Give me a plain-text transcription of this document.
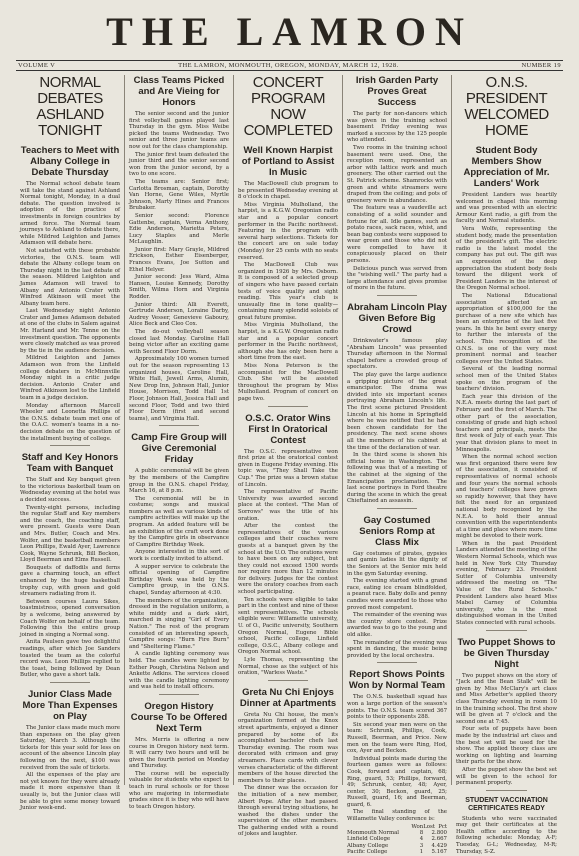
THE LAMRON
VOLUME V	THE LAMRON, MONMOUTH, OREGON, MONDAY, MARCH 12, 1928.	NUMBER 19
NORMAL DEBATES ASHLAND TONIGHT
Teachers to Meet with Albany College in Debate Thursday

The Normal school debate team will take the stand against Ashland Normal tonight, Monday, in a dual debate. The question involved is adoption of the practice of investments in foreign countries by armed force. The Normal team journeys to Ashland to debate there, while Mildred Leighton and James Adamson will debate here.

Not satisfied with these probable victories, the O.N.S. team will debate the Albany college team on Thursday night in the last debate of the season. Mildred Leighton and James Adamson will travel to Albany and Antonio Crater with Winfred Atkinson will meet the Albany team here.

Last Wednesday night Antonio Crater and James Adamson debated at one of the clubs in Salem against Mr. Harland and Mr. Tenne on the investment question. The opponents were closely matched as was proved by the tie in the audience decision.

Mildred Leighton and James Adamson won from the Linfield college debaters in McMinnville Monday night in a critic judge decision. Antonio Crater and Winfred Atkinson lost to the Linfield team in a judge decision.

Monday afternoon Marcell Wheeler and Leonetta Phillips of the O.N.S. debate team met one of the O.A.C. women's teams in a no-decision debate on the question of the installment buying of college.

Staff and Key Honors Team with Banquet

The Staff and Key banquet given to the victorious basketball team on Wednesday evening at the hotel was a decided success.

Twenty-eight persons, including the regular Staff and Key members and the coach, the coaching staff, were present. Guests were Dean and Mrs. Butler, Coach and Mrs. Wolfer, and the basketball members Leon Phillips, Ewald Ayer, Lawrence Cook, Wayne Schrunk, Bill Beckon, Lloyd Beerman and Elms Russell.

Bouquets of daffodils and ferns gave a charming touch, an effect enhanced by the huge basketball trophy cup, with green and gold streamers radiating from it.

Between courses Laura Sikes, toastmistress, opened conversation by a welcome, being answered by Coach Wolfer on behalf of the team. Following this the entire group joined in singing a Normal song.

Anita Paulsen gave two delightful readings, after which Joe Sanders toasted the team as the colorful record was. Leon Phillips replied to the toast, being followed by Dean Butler, who gave a short talk.

Junior Class Made More Than Expenses on Play

The Junior class made much more than expenses on the play given Saturday, March 3. Although the tickets for this year sold for less on account of the absence Lincoln play following on the next, $100 was received from the sale of tickets.

All the expenses of the play are not yet known for they were already made it more expensive than it usually is, but the Junior class will be able to give some money toward Junior week-end.

Class Teams Picked and Are Vieing for Honors

The senior second and the junior first volleyball games played last Thursday in the gym. Miss Weibe picked the teams Wednesday. Two senior and three junior teams are now out for the class championship.

The junior first team defeated the junior third and the senior second won from the junior second, by a two to one score.

The teams are: Senior first; Carlotta Brosman, captain, Dorothy Van Horne, Gene Wiles, Myrtle Johnson, Marty Hines and Frances Brubaker.

Senior second: Florence Gattenbe, captain, Verna Anthony, Edie Anderson, Marietta Peters, Lucy Staples and Merle McLaughlin.

Junior first: Mary Grayle, Mildred Erickson, Esther Eisenberger, Frances Evans, Joe Sutton and Ethel Helyer.

Junior second: Jess Ward, Alma Hansen, Louise Kennedy, Dorothy Smith, Wilma Horn and Virginia Rodder.

Junior third: Alli Everett, Gertrude Anderson, Loraine Darby, Audrey Vesser, Genevieve Gaboury, Alice Beck and Cleo Cox.

The do-out volleyball season closed last Monday. Caroline Hall being victor after an exciting game with Second Floor Dorm.

Approximately 100 women turned out for the season representing 13 organized houses, Caroline Hall, White Hall, Jewell Arms, Alumin, New Drop Inn, Johnson Hall, Junior House, Morrison, Todd Hall 1st Floor, Johnson Hall, Jessica Hall and second Floor, Todd and two third Floor Dorm (first and second teams), and Virginia Hall.

Camp Fire Group will Give Ceremonial Friday

A public ceremonial will be given by the members of the Campfire group in the O.N.S. chapel Friday, March 16, at 8 p.m.

The ceremonial will be in costume; songs and musical numbers as well as various kinds of campfire activities will make up the program. An added feature will be an exhibition of the craft work done by the Campfire girls in observance of Campfire Birthday Week.

Anyone interested in this sort of work is cordially invited to attend.

A supper service to celebrate the official opening of Campfire Birthday Week was held by the Campfire group, in the O.N.S. chapel, Sunday afternoon at 4:30.

The members of the organization, dressed in the regulation uniform, a white middy and a dark skirt, marched in singing "Girl of Every Nation." The rest of the program consisted of an interesting speech, Campfire songs: "Burn Fire Burn" and "Sheltering Flame."

A candle lighting ceremony was held. The candles were lighted by Esther Pough, Christina Nelson and Ankette Adkins. The services closed with the candle lighting ceremony and was held to install officers.

Oregon History Course To be Offered Next Term

Mrs. Merris is offering a new course in Oregon history next term. It will carry two hours and will be given the fourth period on Monday and Thursday.

The course will be especially valuable for students who expect to teach in rural schools or for those who are majoring in intermediate grades since it is they who will have to teach Oregon history.

CONCERT PROGRAM NOW COMPLETED
Well Known Harpist of Portland to Assist In Music

The MacDowell club program to be presented Wednesday evening at 8 o'clock in chapel.

Miss Virginia Mulholland, the harpist, is a K.G.W. Oregonian radio star and a popular concert performer in the Pacific northwest. Featuring in the program with several harp selections. Tickets for the concert are on sale today (Monday) for 25 cents with no seats reserved.

The MacDowell Club was organized in 1926 by Mrs. Osborn. It is composed of a selected group of singers who have passed certain tests of voice quality and sight reading. This year's club is unusually fine in tone quality—containing many splendid soloists of great future promise.

Miss Virginia Mulholland, the harpist, is a K.G.W. Oregonian radio star and a popular concert performer in the Pacific northwest, although she has only been here a short time from the east.

Miss Nona Peterson is the accompanist for the MacDowell Club. She will be assisted throughout the program by Miss Mulholland. Program of concert on page two.

O.S.C. Orator Wins First In Oratorical Contest

The O.S.C. representative won first prize at the oratorical contest given in Eugene Friday evening. His topic was, "They Shall Take the Cup." The prize was a brown statue of Lincoln.

The representative of Pacific University was awarded second place at the contest. "The Man of Sorrows" was the title of his oration.

After the contest the representatives of the various colleges and their coaches were guests at a banquet given by the school at the U.O. The orations were to have been on any subject, but they could not exceed 1500 words nor require more than 12 minutes for delivery. Judges for the contest were the oratory coaches from each school participating.

Ten schools were eligible to take part in the contest and nine of these sent representatives. The schools eligible were: Willamette university, U. of O., Pacific university, Southern Oregon Normal, Eugene Bible school, Pacific college, Linfield college, O.S.C., Albany college and Oregon Normal school.

Lyle Thomas, representing the Normal, chose as the subject of his oration, "Warless Waste."

Greta Nu Chi Enjoys Dinner at Apartments

Greta Nu Chi house, the men's organization formed at the Knox street apartments, enjoyed a dinner prepared by some of its accomplished bachelor chefs last Thursday evening. The room was decorated with crimson and gray streamers. Place cards with clever verses characteristic of the different members of the house directed the members to their places.

The dinner was the occasion for the initiation of a new member, Albert Pope. After he had passed through several trying situations, he washed the dishes under the supervision of the other members. The gathering ended with a round of jokes and laughter.

Irish Garden Party Proves Great Success

The party for non-dancers which was given in the training school basement Friday evening was marked a success by the 125 people who attended.

Two rooms in the training school basement were used. One, the reception room, represented an arbor with lattice work and much greenery. The other carried out the St. Patrick scheme. Shamrocks with green and white streamers were draped from the ceiling; and pots of greenery were in abundance.

The feature was a vaudeville act consisting of a solid sounder and fortune for all. Idle games, such as potato races, sack races, whist, and bean bag contests were supposed to wear green and those who did not were compelled to have it conspicuously placed on their persons.

Delicious punch was served from the "wishing well." The party had a large attendance and gives promise of more in the future.

Abraham Lincoln Play Given Before Big Crowd

Drinkwater's famous play "Abraham Lincoln" was presented Thursday afternoon in the Normal chapel before a crowded group of spectators.

The play gave the large audience a gripping picture of the great emancipator. The drama was divided into six important scenes portraying Abraham Lincoln's life. The first scene pictured President Lincoln at his home in Springfield where he was notified that he had been chosen candidate for the presidency. The next scene shows all the members of his cabinet at the time of the declaration of war.

In the third scene is shown his official home in Washington. The following was that of a meeting of the cabinet at the signing of the Emancipation proclamation. The last scene portrays in Ford theatre during the scene in which the great Chieftained an assassin.

Gay Costumed Seniors Romp at Class Mix

Gay costumes of pirates, gypsies and gamin ladies lit the dignity of the Seniors at the Senior mix held in the gym Saturday evening.

The evening started with a grand race, eating ice cream blindfolded, a peanut race. Baby dolls and penny candies were awarded to those who proved most competent.

The remainder of the evening was the country store contest. Prize awarded was to go to the young and old alike.

The remainder of the evening was spent in dancing, the music being provided by the local orchestra.

Report Shows Points Won by Normal Team

The O.N.S. basketball squad has won a large portion of the season's points. The O.N.S. team scored 367 points to their opponents 288.

Six second year men were on the team: Schrunk, Phillips, Cook, Russell, Beerman, and Price. New men on the team were Ring, Hod, cox, Ayer and Beckon.

Individual points made during the fourteen games were as follows: Cook, forward and captain, 68; Ring, guard, 53; Phillips, forward, 49; Schrunk, center, 48; Ayer, center, 30; Beckon, guard, 25; Russell, guard, 16; and Beerman, guard, 6.

The final standing of the Willamette Valley conference is:

	Won	Lost	Pct
Monmouth Normal	8	2	.800
Linfield College	4	2	.667
Albany College	3	4	.429
Pacific College	1	5	.167
O.N.S. PRESIDENT WELCOMED HOME
Student Body Members Show Appreciation of Mr. Landers' Work

President Landers was heartily welcomed in chapel this morning and was presented with an electric Armour Kent radio, a gift from the faculty and Normal students.

Vera Wolfe, representing the student body, made the presentation of the president's gift. The electric radio is the latest model the company has put out. The gift was an expression of the deep appreciation the student body feels toward the diligent work of President Landers in the interest of the Oregon Normal school.

The National Educational association affected an appropriation of $100,000 for the purchase of a new site which has been an enterprise of the last five years. In this he bent every energy to further the interests of the school. This recognition of the O.N.S. is one of the very most prominent normal and teacher colleges over the United States.

Several of the leading normal school men of the United States spoke on the program of the teachers' division.

Each year this division of the N.E.A. meets during the last part of February and the first of March. The other part of the association, consisting of grade and high school teachers and principals, meets the first week of July of each year. This year that division plans to meet in Minneapolis.

When the normal school section was first organized there were few of the association, it consisted of representatives of normal schools and four years the normal schools and teachers' colleges have grown so rapidly however, that they have felt the need for an organized national body recognized by the N.E.A. to hold their annual convention with the superintendents at a time and place where more time might be devoted to their work.

When in the past President Landers attended the meeting of the Western Normal Schools, which was held in New York City Thursday evening, February 23. President Sutter of Columbia university addressed the meeting on "The Value of the Rural Schools." President Landers also heard Miss Mabel Carney of Columbia university, who is the most distinguished woman in the United States connected with rural schools.

Two Puppet Shows to be Given Thursday Night

Two puppet shows on the story of "Jack and the Bean Stalk" will be given by Miss McClary's art class and Miss Arbetter's applied theory class Thursday evening in room 10 in the training school. The first show will be given at 7 o'clock and the second one at 7:45.

Four sets of puppets have been made by the industrial art class and the best set will be used for the show. The applied theory class are working on lighting and learning their parts for the show.

After the puppet show the best set will be given to the school for permanent property.

STUDENT VACCINATION CERTIFICATES READY

Students who were vaccinated may get their certificates at the Health office according to the following schedule: Monday, A-F; Tuesday, G-L; Wednesday, M-R; Thursday, S-Z.
